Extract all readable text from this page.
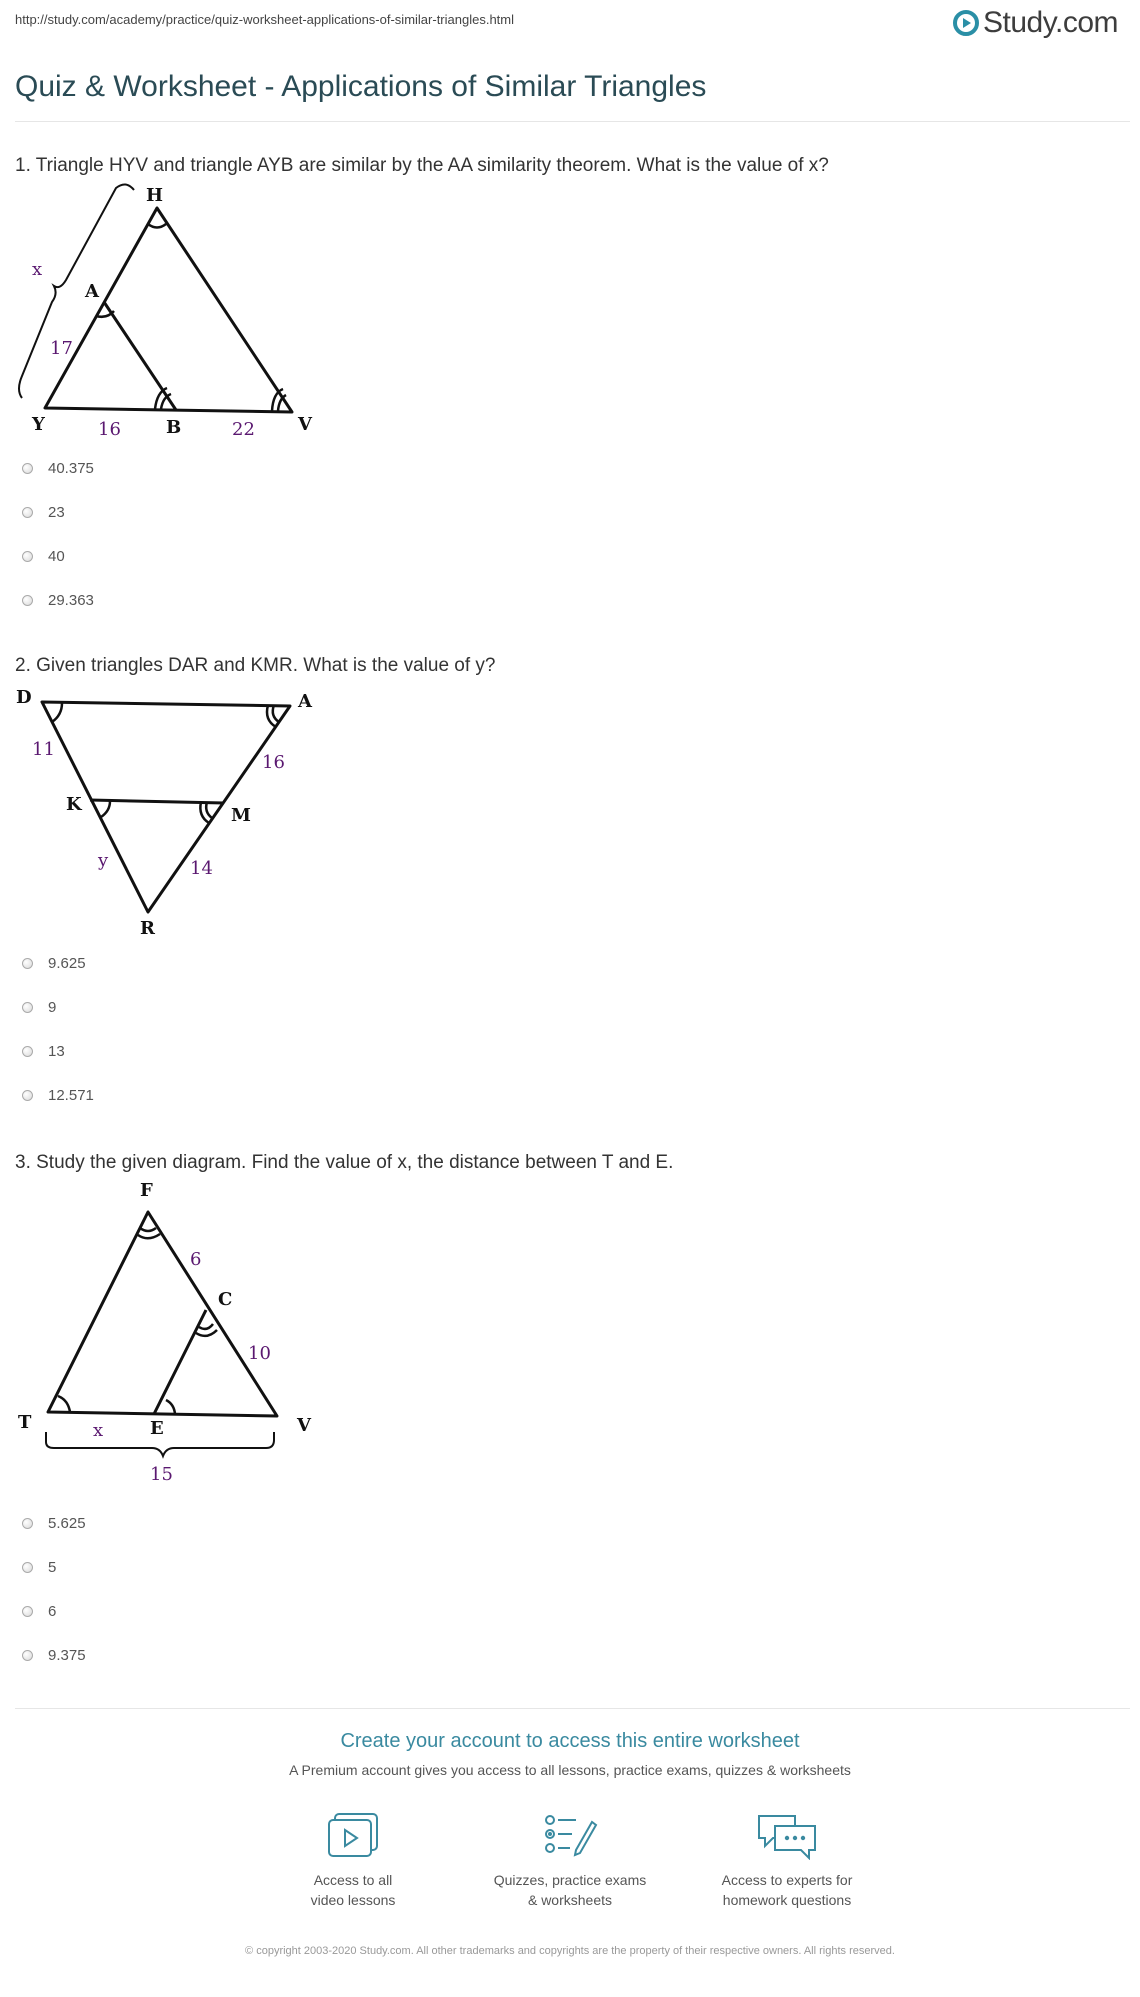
http://study.com/academy/practice/quiz-worksheet-applications-of-similar-triangles.html	Study.com
Quiz & Worksheet - Applications of Similar Triangles
1. Triangle HYV and triangle AYB are similar by the AA similarity theorem. What is the value of x?
H
A
Y	B	V
x
17
16	22
40.375
23
40
29.363
2. Given triangles DAR and KMR. What is the value of y?
D	A
K
M
R
11
16
y	14
9.625
9
13
12.571
3. Study the given diagram. Find the value of x, the distance between T and E.
F
C
T	E	V
6
10
x
15
5.625
5
6
9.375
Create your account to access this entire worksheet
A Premium account gives you access to all lessons, practice exams, quizzes & worksheets
Access to all
video lessons
Quizzes, practice exams
& worksheets
Access to experts for
homework questions
© copyright 2003-2020 Study.com. All other trademarks and copyrights are the property of their respective owners. All rights reserved.
